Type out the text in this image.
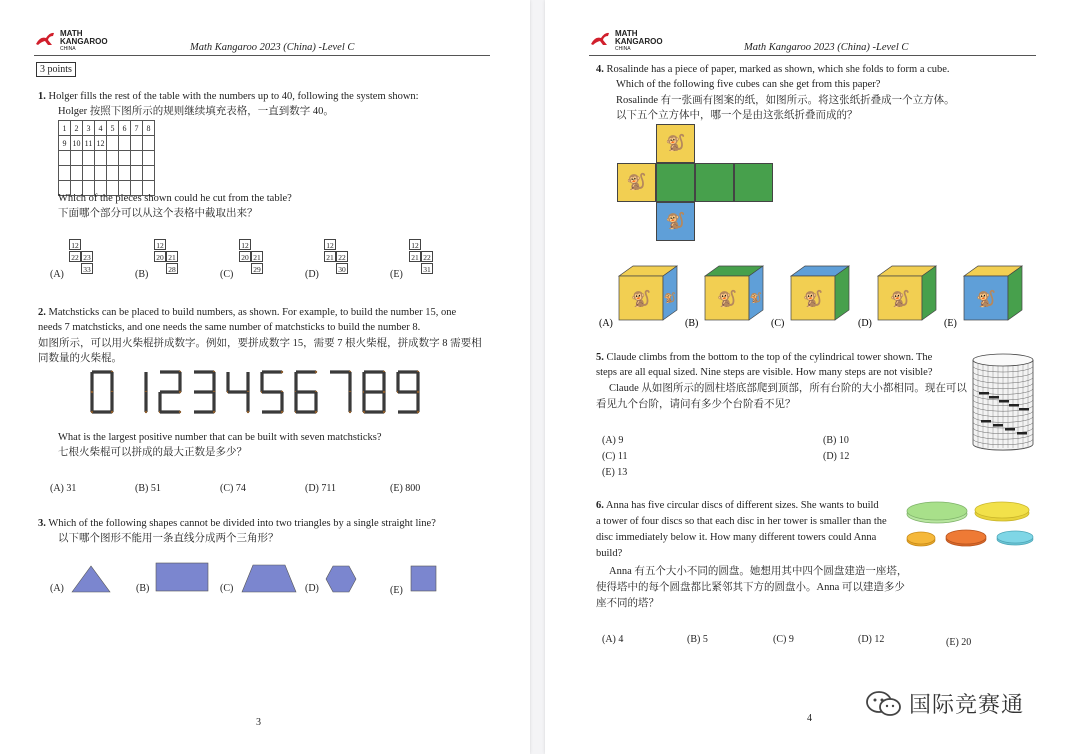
MATH
KANGAROO
CHINA	Math Kangaroo 2023 (China) -Level C
3 points
1. Holger fills the rest of the table with the numbers up to 40, following the system shown:
Holger 按照下图所示的规则继续填充表格，一直到数字 40。
1	2	3	4	5	6	7	8
9	10	11	12				

Which of the pieces shown could he cut from the table?
下面哪个部分可以从这个表格中截取出来？
(A)
12
22 23
33	(B)
12
20 21
28	(C)
12
20 21
29	(D)
12
21 22
30	(E)
12
21 22
31
2. Matchsticks can be placed to build numbers, as shown. For example, to build the number 15, one
needs 7 matchsticks, and one needs the same number of matchsticks to build the number 8.
如图所示，可以用火柴棍拼成数字。例如，要拼成数字 15，需要 7 根火柴棍，拼成数字 8 需要相
同数量的火柴棍。
What is the largest positive number that can be built with seven matchsticks?
七根火柴棍可以拼成的最大正数是多少？
(A) 31	(B) 51	(C) 74	(D) 711	(E) 800
3. Which of the following shapes cannot be divided into two triangles by a single straight line?
以下哪个图形不能用一条直线分成两个三角形？
(A)	(B)	(C)	(D)	(E)
3
MATH
KANGAROO
CHINA	Math Kangaroo 2023 (China) -Level C
4. Rosalinde has a piece of paper, marked as shown, which she folds to form a cube.
Which of the following five cubes can she get from this paper?
Rosalinde 有一张画有图案的纸，如图所示。将这张纸折叠成一个立方体。
以下五个立方体中，哪一个是由这张纸折叠而成的？
🐒
🐒
🐒
🐒 🐒
(A)
🐒 🐒
(B)
🐒
(C)
🐒
(D)
🐒
(E)
5. Claude climbs from the bottom to the top of the cylindrical tower shown. The
steps are all equal sized. Nine steps are visible. How many steps are not visible?
Claude 从如图所示的圆柱塔底部爬到顶部，所有台阶的大小都相同。现在可以
看见九个台阶，请问有多少个台阶看不见？
(A) 9	(B) 10
(C) 11	(D) 12
(E) 13
6. Anna has five circular discs of different sizes. She wants to build
a tower of four discs so that each disc in her tower is smaller than the
disc immediately below it. How many different towers could Anna
build?
Anna 有五个大小不同的圆盘。她想用其中四个圆盘建造一座塔，
使得塔中的每个圆盘都比紧邻其下方的圆盘小。Anna 可以建造多少
座不同的塔？
(A) 4	(B) 5	(C) 9	(D) 12	(E) 20
4
国际竞赛通
